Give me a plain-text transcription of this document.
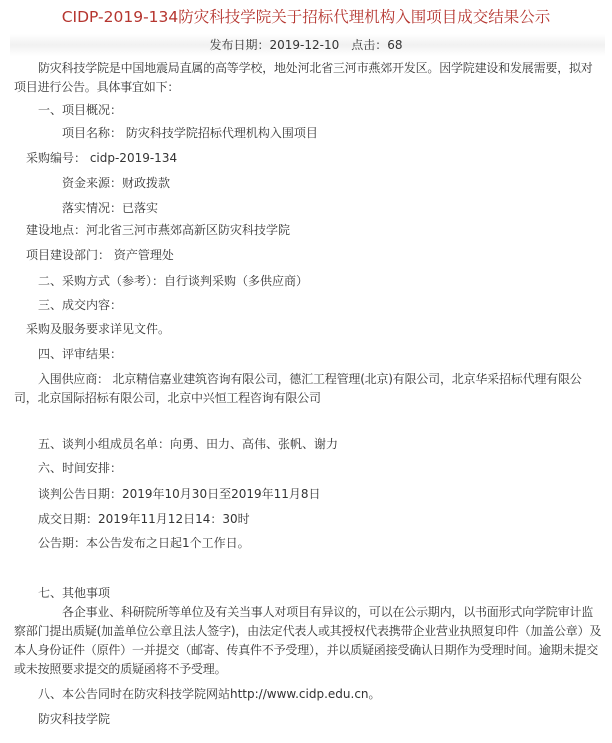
CIDP-2019-134防灾科技学院关于招标代理机构入围项目成交结果公示
发布日期：2019-12-10 点击：68
防灾科技学院是中国地震局直属的高等学校，地处河北省三河市燕郊开发区。因学院建设和发展需要，拟对项目进行公告。具体事宜如下：
一、项目概况：
项目名称： 防灾科技学院招标代理机构入围项目
采购编号： cidp-2019-134
资金来源：财政拨款
落实情况：已落实
建设地点：河北省三河市燕郊高新区防灾科技学院
项目建设部门： 资产管理处
二、采购方式（参考）：自行谈判采购（多供应商）
三、成交内容：
采购及服务要求详见文件。
四、评审结果：
入围供应商： 北京精信嘉业建筑咨询有限公司，德汇工程管理(北京)有限公司，北京华采招标代理有限公司，北京国际招标有限公司，北京中兴恒工程咨询有限公司
五、谈判小组成员名单：向勇、田力、高伟、张帆、谢力
六、时间安排：
谈判公告日期：2019年10月30日至2019年11月8日
成交日期：2019年11月12日14：30时
公告期：本公告发布之日起1个工作日。
七、其他事项
各企事业、科研院所等单位及有关当事人对项目有异议的，可以在公示期内，以书面形式向学院审计监察部门提出质疑(加盖单位公章且法人签字)，由法定代表人或其授权代表携带企业营业执照复印件（加盖公章）及本人身份证件（原件）一并提交（邮寄、传真件不予受理），并以质疑函接受确认日期作为受理时间。逾期未提交或未按照要求提交的质疑函将不予受理。
八、本公告同时在防灾科技学院网站http://www.cidp.edu.cn。
防灾科技学院
